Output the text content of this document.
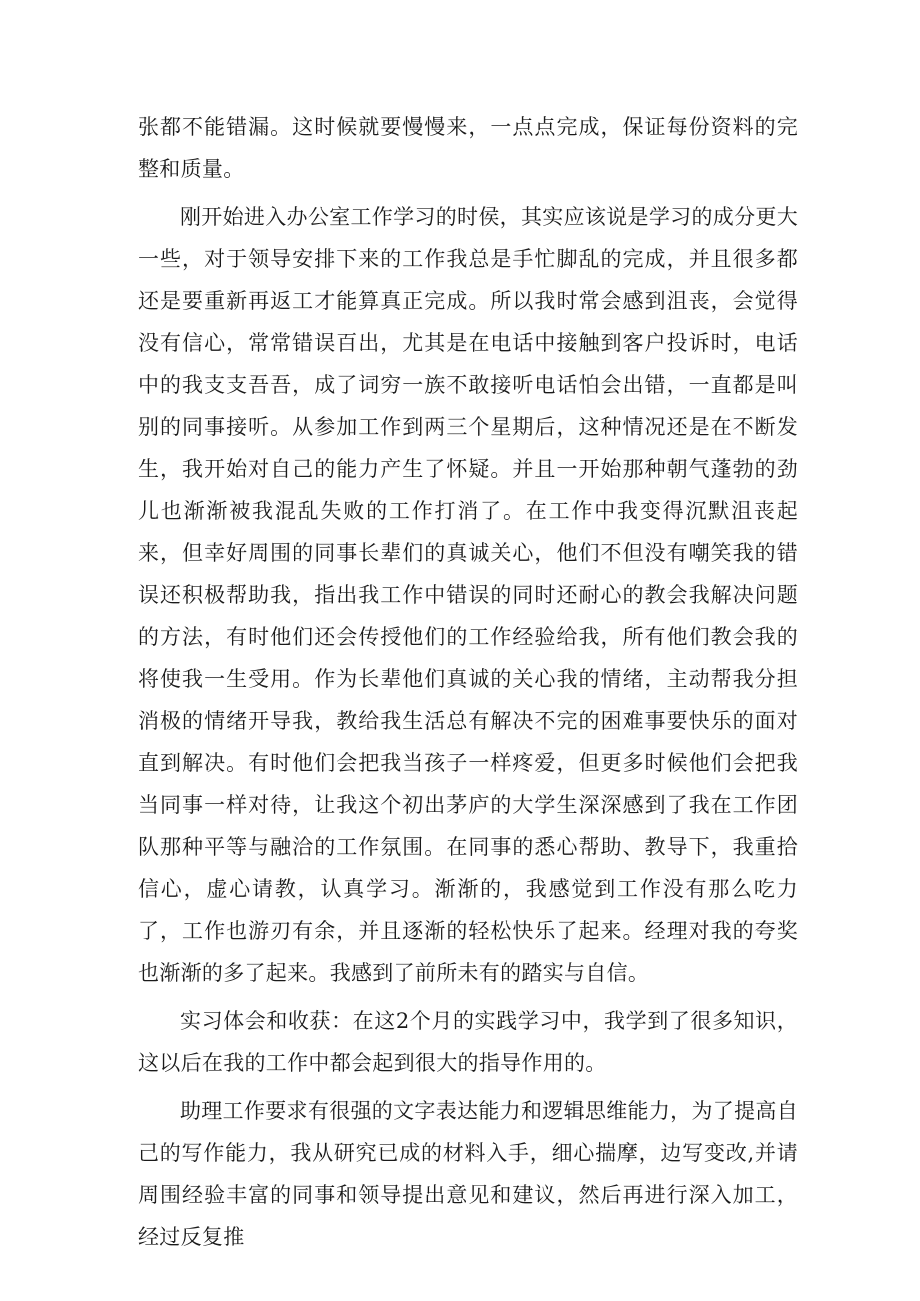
张都不能错漏。这时候就要慢慢来，一点点完成，保证每份资料的完整和质量。

刚开始进入办公室工作学习的时侯，其实应该说是学习的成分更大一些，对于领导安排下来的工作我总是手忙脚乱的完成，并且很多都还是要重新再返工才能算真正完成。所以我时常会感到沮丧，会觉得没有信心，常常错误百出，尤其是在电话中接触到客户投诉时，电话中的我支支吾吾，成了词穷一族不敢接听电话怕会出错，一直都是叫别的同事接听。从参加工作到两三个星期后，这种情况还是在不断发生，我开始对自己的能力产生了怀疑。并且一开始那种朝气蓬勃的劲儿也渐渐被我混乱失败的工作打消了。在工作中我变得沉默沮丧起来，但幸好周围的同事长辈们的真诚关心，他们不但没有嘲笑我的错误还积极帮助我，指出我工作中错误的同时还耐心的教会我解决问题的方法，有时他们还会传授他们的工作经验给我，所有他们教会我的将使我一生受用。作为长辈他们真诚的关心我的情绪，主动帮我分担消极的情绪开导我，教给我生活总有解决不完的困难事要快乐的面对直到解决。有时他们会把我当孩子一样疼爱，但更多时候他们会把我当同事一样对待，让我这个初出茅庐的大学生深深感到了我在工作团队那种平等与融洽的工作氛围。在同事的悉心帮助、教导下，我重拾信心，虚心请教，认真学习。渐渐的，我感觉到工作没有那么吃力了，工作也游刃有余，并且逐渐的轻松快乐了起来。经理对我的夸奖也渐渐的多了起来。我感到了前所未有的踏实与自信。

实习体会和收获：在这2个月的实践学习中，我学到了很多知识，这以后在我的工作中都会起到很大的指导作用的。

助理工作要求有很强的文字表达能力和逻辑思维能力，为了提高自己的写作能力，我从研究已成的材料入手，细心揣摩，边写变改,并请周围经验丰富的同事和领导提出意见和建议，然后再进行深入加工，经过反复推
